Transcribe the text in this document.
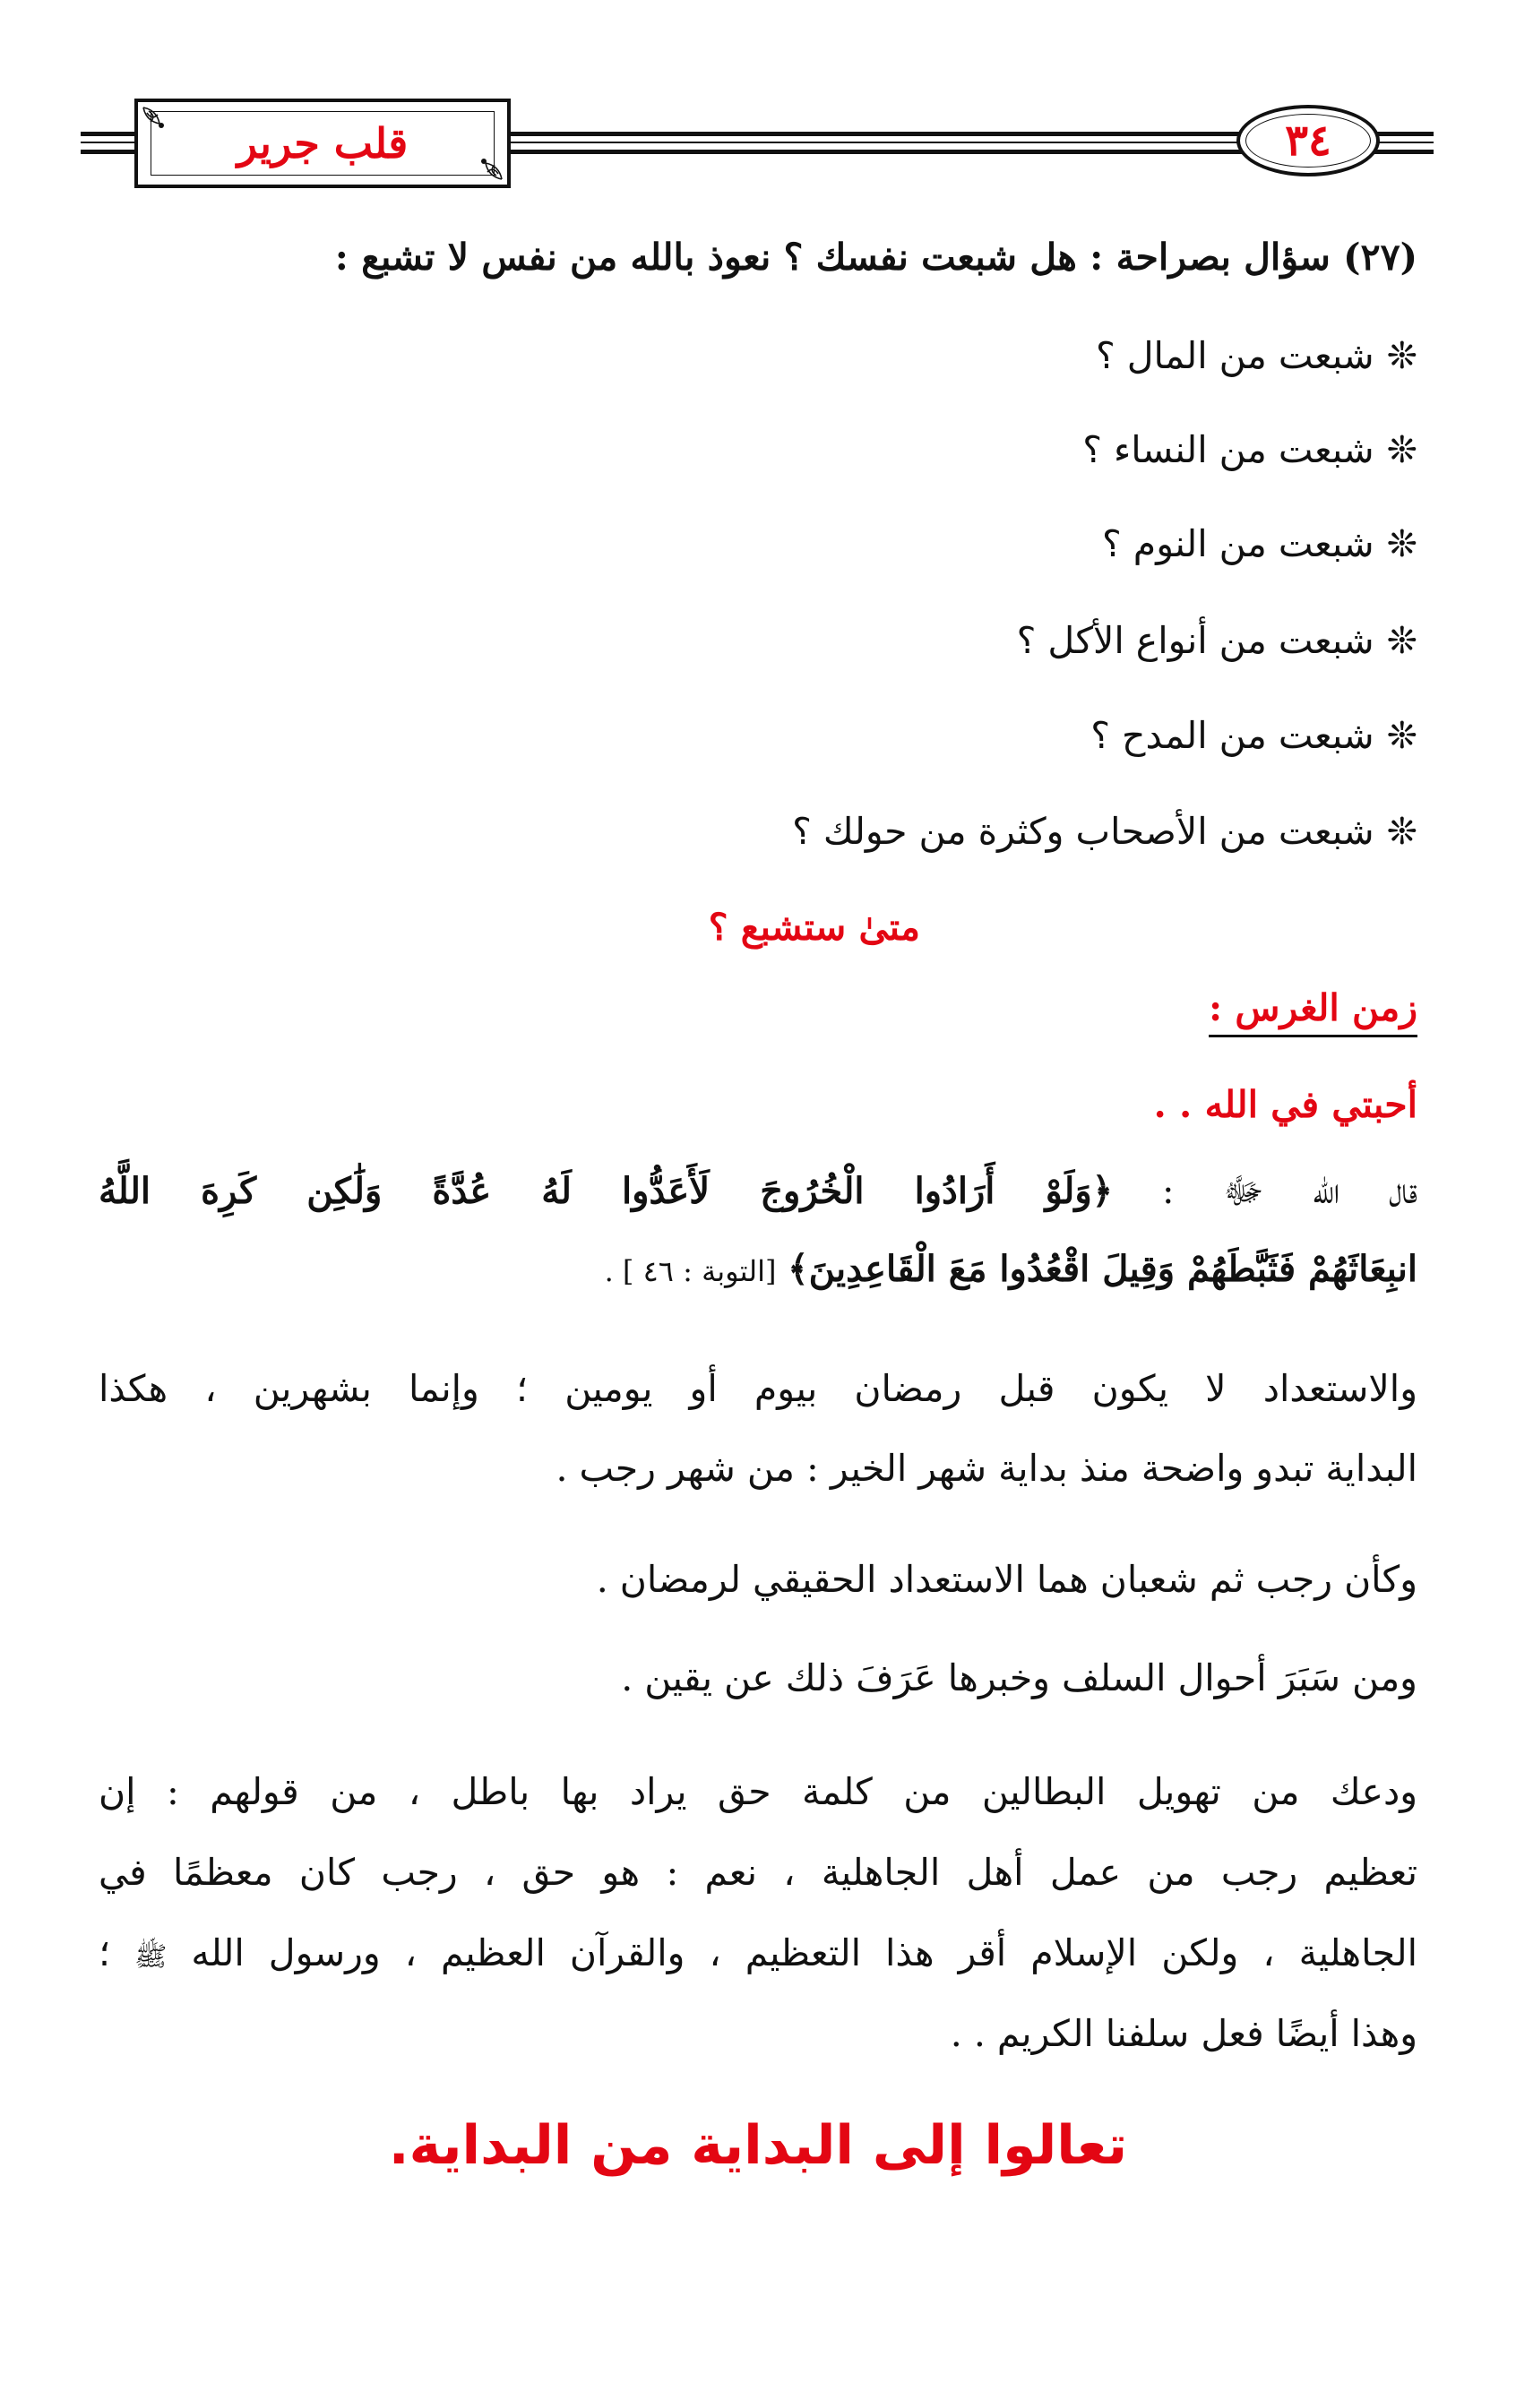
قلب جرير	٣٤
(٢٧) سؤال بصراحة : هل شبعت نفسك ؟ نعوذ بالله من نفس لا تشبع :
❊شبعت من المال ؟
❊شبعت من النساء ؟
❊شبعت من النوم ؟
❊شبعت من أنواع الأكل ؟
❊شبعت من المدح ؟
❊شبعت من الأصحاب وكثرة من حولك ؟
متىٰ ستشبع ؟
زمن الغرس :
أحبتي في الله . .
قال الله ﷻ : ﴿وَلَوْ أَرَادُوا الْخُرُوجَ لَأَعَدُّوا لَهُ عُدَّةً وَلَٰكِن كَرِهَ اللَّهُ
انبِعَاثَهُمْ فَثَبَّطَهُمْ وَقِيلَ اقْعُدُوا مَعَ الْقَاعِدِينَ﴾ [التوبة : ٤٦ ] .
والاستعداد لا يكون قبل رمضان بيوم أو يومين ؛ وإنما بشهرين ، هكذا
البداية تبدو واضحة منذ بداية شهر الخير : من شهر رجب .
وكأن رجب ثم شعبان هما الاستعداد الحقيقي لرمضان .
ومن سَبَرَ أحوال السلف وخبرها عَرَفَ ذلك عن يقين .
ودعك من تهويل البطالين من كلمة حق يراد بها باطل ، من قولهم : إن
تعظيم رجب من عمل أهل الجاهلية ، نعم : هو حق ، رجب كان معظمًا في
الجاهلية ، ولكن الإسلام أقر هذا التعظيم ، والقرآن العظيم ، ورسول الله ﷺ ؛
وهذا أيضًا فعل سلفنا الكريم . .
تعالوا إلى البداية من البداية.
